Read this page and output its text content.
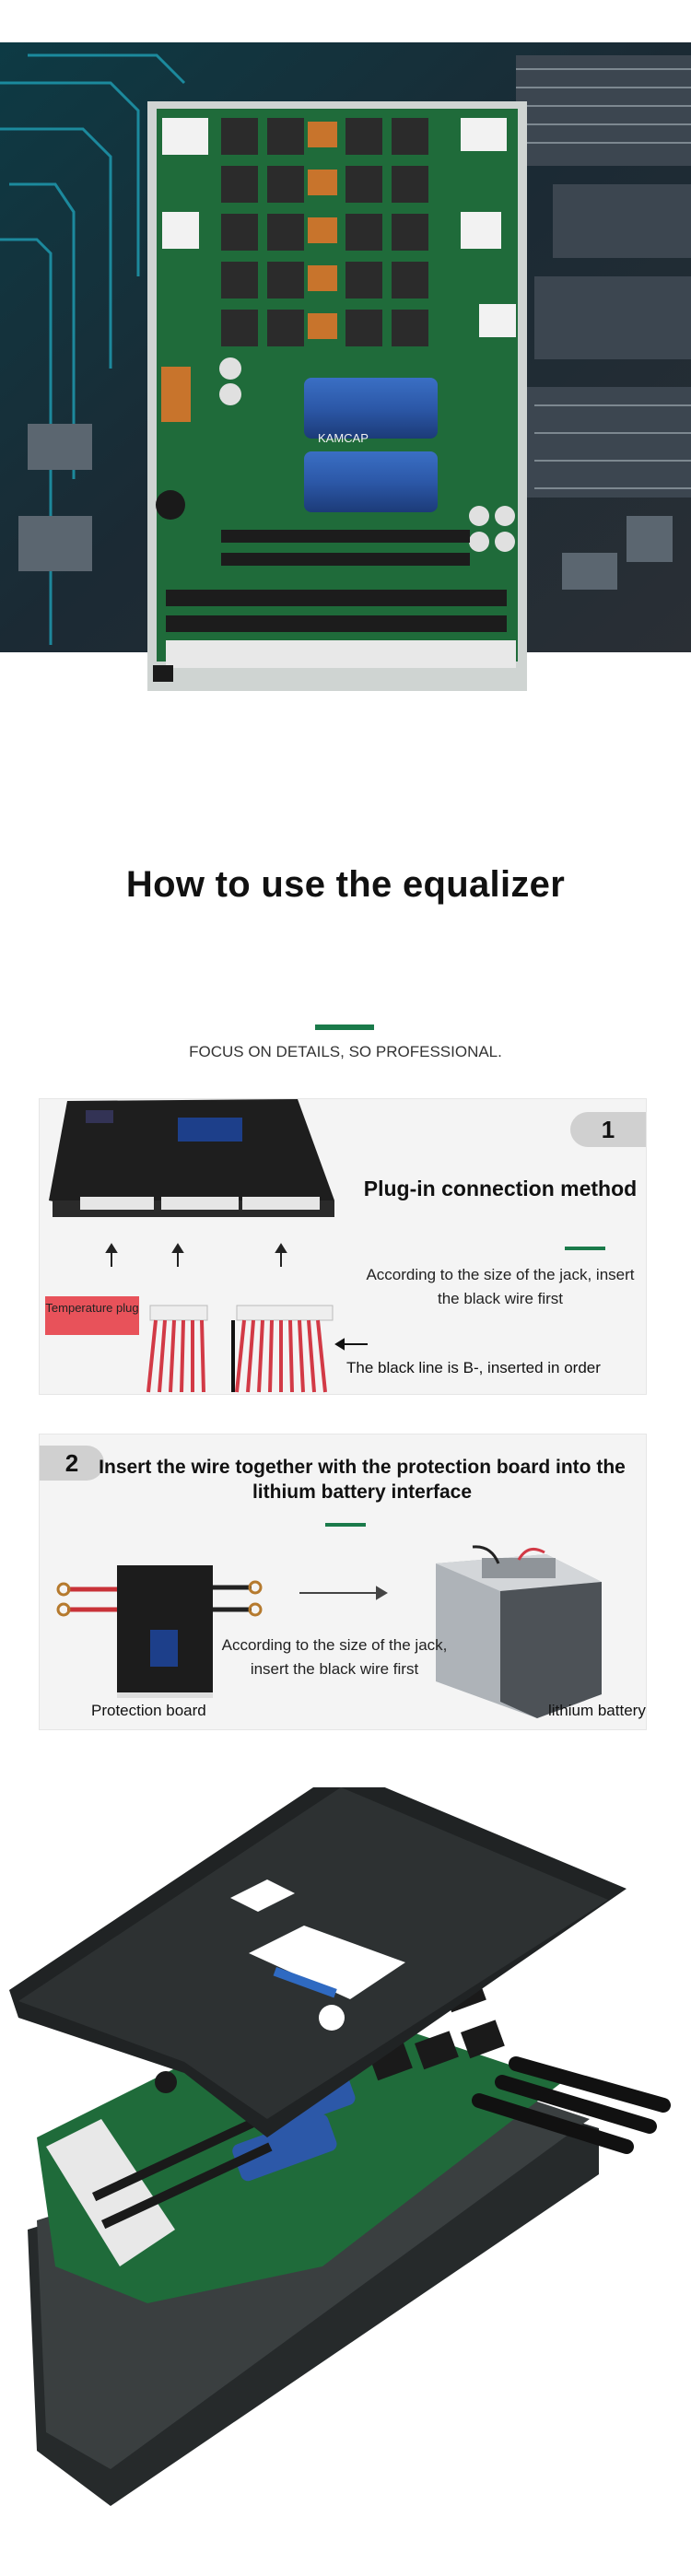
KAMCAP
How to use the equalizer
FOCUS ON DETAILS, SO PROFESSIONAL.
1
Plug-in connection method
According to the size of the jack, insert the black wire first
Temperature plug
The black line is B-, inserted in order
2	Insert the wire together with the protection board into the lithium battery interface
According to the size of the jack, insert the black wire first
Protection board	lithium battery
